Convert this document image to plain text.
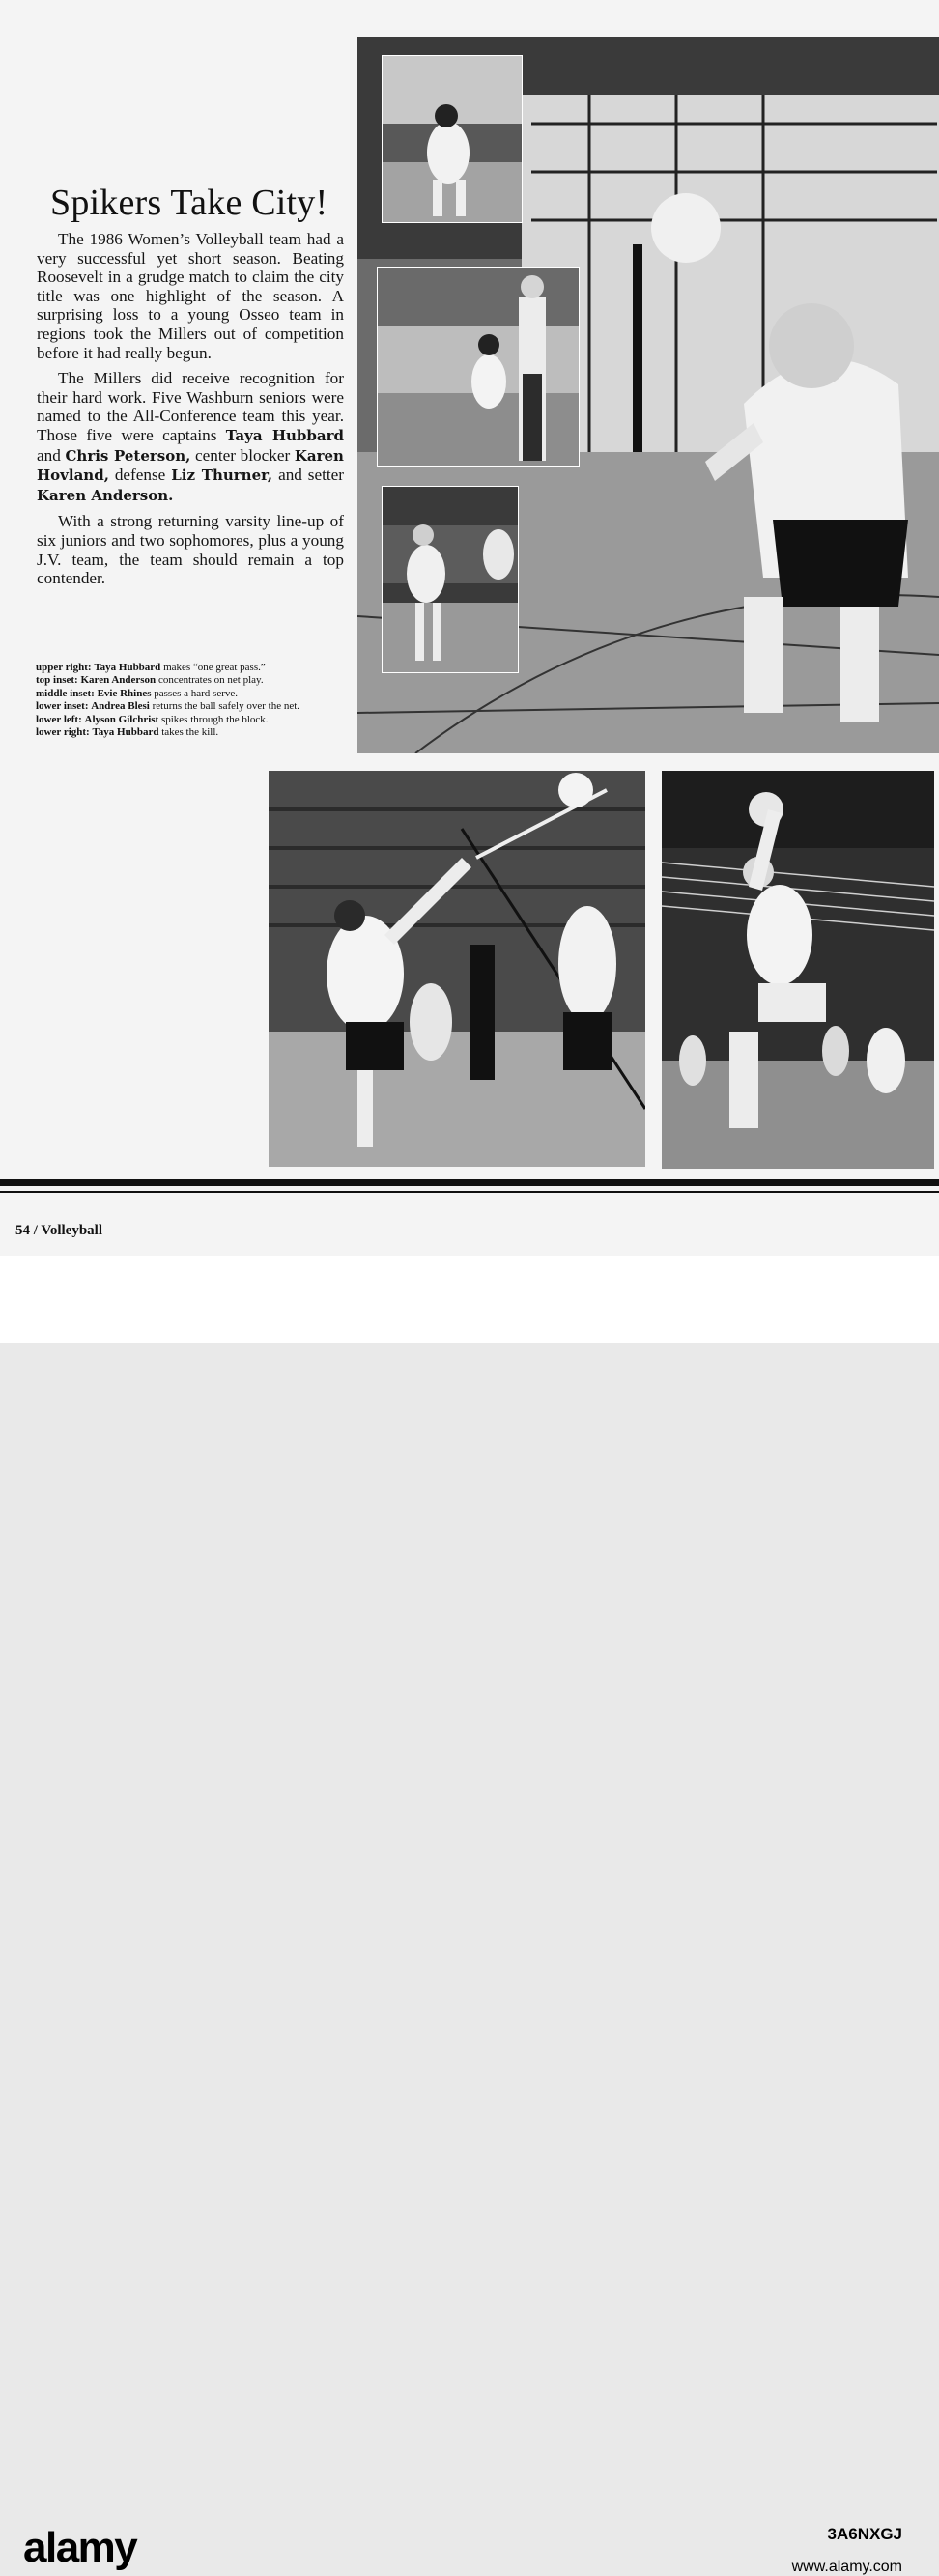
Spikers Take City!

The 1986 Women’s Volleyball team had a very successful yet short season. Beating Roosevelt in a grudge match to claim the city title was one highlight of the season. A surprising loss to a young Osseo team in regions took the Millers out of competition before it had really begun.

The Millers did receive recognition for their hard work. Five Washburn seniors were named to the All-Conference team this year. Those five were captains Taya Hubbard and Chris Peterson, center blocker Karen Hovland, defense Liz Thurner, and setter Karen Anderson.

With a strong returning varsity line-up of six juniors and two sophomores, plus a young J.V. team, the team should remain a top contender.

upper right: Taya Hubbard makes “one great pass.”

top inset: Karen Anderson concentrates on net play.

middle inset: Evie Rhines passes a hard serve.

lower inset: Andrea Blesi returns the ball safely over the net.

lower left: Alyson Gilchrist spikes through the block.

lower right: Taya Hubbard takes the kill.

54 / Volleyball
alamy	3A6NXGJ
www.alamy.com
